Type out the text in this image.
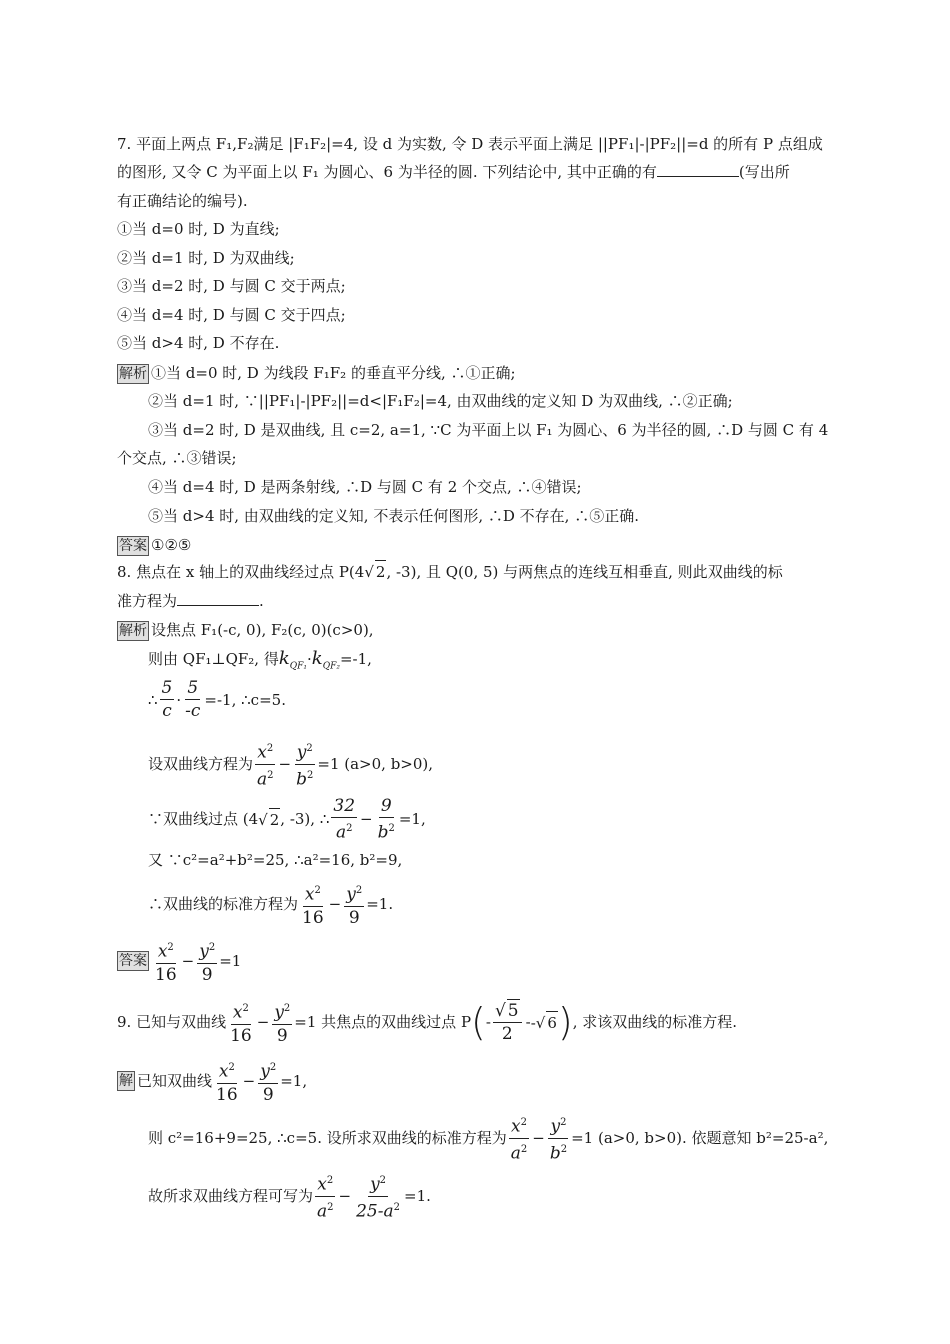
7. 平面上两点 F₁,F₂满足 |F₁F₂|=4, 设 d 为实数, 令 D 表示平面上满足 ||PF₁|-|PF₂||=d 的所有 P 点组成
的图形, 又令 C 为平面上以 F₁ 为圆心、6 为半径的圆. 下列结论中, 其中正确的有	(写出所
有正确结论的编号).
①当 d=0 时, D 为直线;
②当 d=1 时, D 为双曲线;
③当 d=2 时, D 与圆 C 交于两点;
④当 d=4 时, D 与圆 C 交于四点;
⑤当 d>4 时, D 不存在.
解析 ①当 d=0 时, D 为线段 F₁F₂ 的垂直平分线, ∴①正确;
②当 d=1 时, ∵||PF₁|-|PF₂||=d<|F₁F₂|=4, 由双曲线的定义知 D 为双曲线, ∴②正确;
③当 d=2 时, D 是双曲线, 且 c=2, a=1, ∵C 为平面上以 F₁ 为圆心、6 为半径的圆, ∴D 与圆 C 有 4
个交点, ∴③错误;
④当 d=4 时, D 是两条射线, ∴D 与圆 C 有 2 个交点, ∴④错误;
⑤当 d>4 时, 由双曲线的定义知, 不表示任何图形, ∴D 不存在, ∴⑤正确.
答案 ①②⑤
8. 焦点在 x 轴上的双曲线经过点 P(4√ 2, -3), 且 Q(0, 5) 与两焦点的连线互相垂直, 则此双曲线的标
准方程为	.
解析 设焦点 F₁(-c, 0), F₂(c, 0)(c>0),
则由 QF₁⊥QF₂, 得$k_{QF_1}\cdot k_{QF_2}=-1$,
∴ $\frac{5}{c} \cdot \frac{5}{-c} =-1$, ∴c=5.
设双曲线方程为 $\frac{x^2}{a^2} - \frac{y^2}{b^2} =1$ (a>0, b>0),
∵双曲线过点 (4 √ 2 , -3), ∴ $\frac{32}{a^2} - \frac{9}{b^2} =1$,
又 ∵c²=a²+b²=25, ∴a²=16, b²=9,
∴双曲线的标准方程为 $\frac{x^2}{16} - \frac{y^2}{9} =1$.
答案 $\frac{x^2}{16} - \frac{y^2}{9} =1$
9. 已知与双曲线 $\frac{x^2}{16} - \frac{y^2}{9} =1$ 共焦点的双曲线过点 P ( - $\frac{√ 5}{2}$ - -√ 6 ) , 求该双曲线的标准方程.
解 已知双曲线 $\frac{x^2}{16} - \frac{y^2}{9} =1$,
则 c²=16+9=25, ∴c=5. 设所求双曲线的标准方程为 $\frac{x^2}{a^2} - \frac{y^2}{b^2} =1$ (a>0, b>0). 依题意知 b²=25-a²,
故所求双曲线方程可写为 $\frac{x^2}{a^2} - \frac{y^2}{25-a^2} =1$.
